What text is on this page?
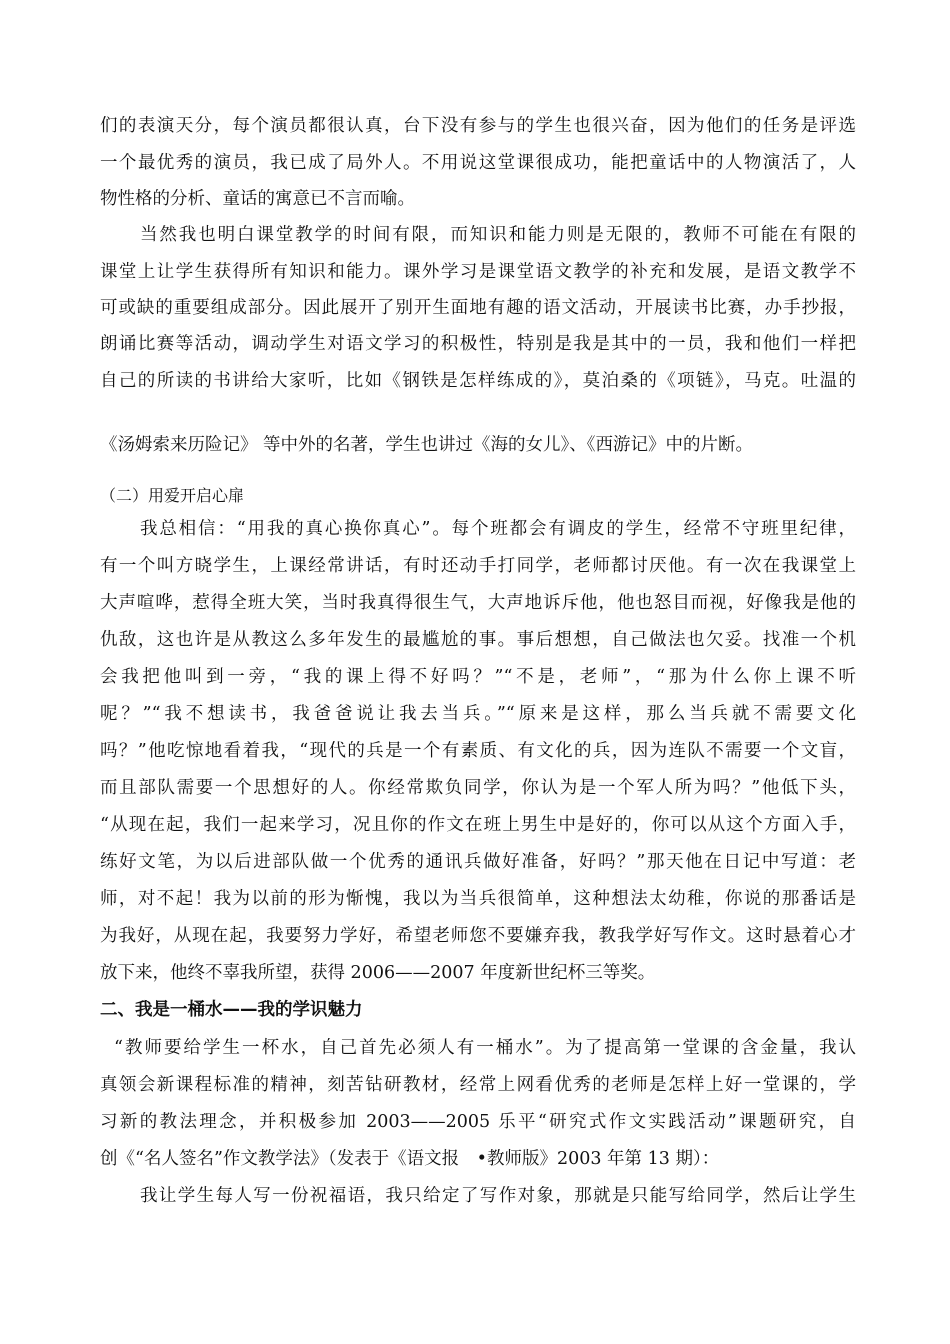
们的表演天分，每个演员都很认真，台下没有参与的学生也很兴奋，因为他们的任务是评选
一个最优秀的演员，我已成了局外人。不用说这堂课很成功，能把童话中的人物演活了，人
物性格的分析、童话的寓意已不言而喻。
当然我也明白课堂教学的时间有限，而知识和能力则是无限的，教师不可能在有限的
课堂上让学生获得所有知识和能力。课外学习是课堂语文教学的补充和发展，是语文教学不
可或缺的重要组成部分。因此展开了别开生面地有趣的语文活动，开展读书比赛，办手抄报，
朗诵比赛等活动，调动学生对语文学习的积极性，特别是我是其中的一员，我和他们一样把
自己的所读的书讲给大家听，比如《钢铁是怎样练成的》，莫泊桑的《项链》，马克。吐温的
《汤姆索来历险记》 等中外的名著，学生也讲过《海的女儿》、《西游记》中的片断。
（二）用爱开启心扉
我总相信：“用我的真心换你真心”。每个班都会有调皮的学生，经常不守班里纪律，
有一个叫方晓学生，上课经常讲话，有时还动手打同学，老师都讨厌他。有一次在我课堂上
大声喧哗，惹得全班大笑，当时我真得很生气，大声地诉斥他，他也怒目而视，好像我是他的
仇敌，这也许是从教这么多年发生的最尴尬的事。事后想想，自己做法也欠妥。找准一个机
会我把他叫到一旁，“我的课上得不好吗？”“不是，老师”，“那为什么你上课不听
呢？”“我不想读书，我爸爸说让我去当兵。”“原来是这样，那么当兵就不需要文化
吗？”他吃惊地看着我，“现代的兵是一个有素质、有文化的兵，因为连队不需要一个文盲，
而且部队需要一个思想好的人。你经常欺负同学，你认为是一个军人所为吗？”他低下头，
“从现在起，我们一起来学习，况且你的作文在班上男生中是好的，你可以从这个方面入手，
练好文笔，为以后进部队做一个优秀的通讯兵做好准备，好吗？”那天他在日记中写道：老
师，对不起！我为以前的形为惭愧，我以为当兵很简单，这种想法太幼稚，你说的那番话是
为我好，从现在起，我要努力学好，希望老师您不要嫌弃我，教我学好写作文。这时悬着心才
放下来，他终不辜我所望，获得 2006——2007 年度新世纪杯三等奖。
二、我是一桶水——我的学识魅力
“教师要给学生一杯水，自己首先必须人有一桶水”。为了提高第一堂课的含金量，我认
真领会新课程标准的精神，刻苦钻研教材，经常上网看优秀的老师是怎样上好一堂课的，学
习新的教法理念，并积极参加 2003——2005 乐平“研究式作文实践活动”课题研究，自
创《“名人签名”作文教学法》（发表于《语文报　•教师版》2003 年第 13 期）：
我让学生每人写一份祝福语，我只给定了写作对象，那就是只能写给同学，然后让学生
